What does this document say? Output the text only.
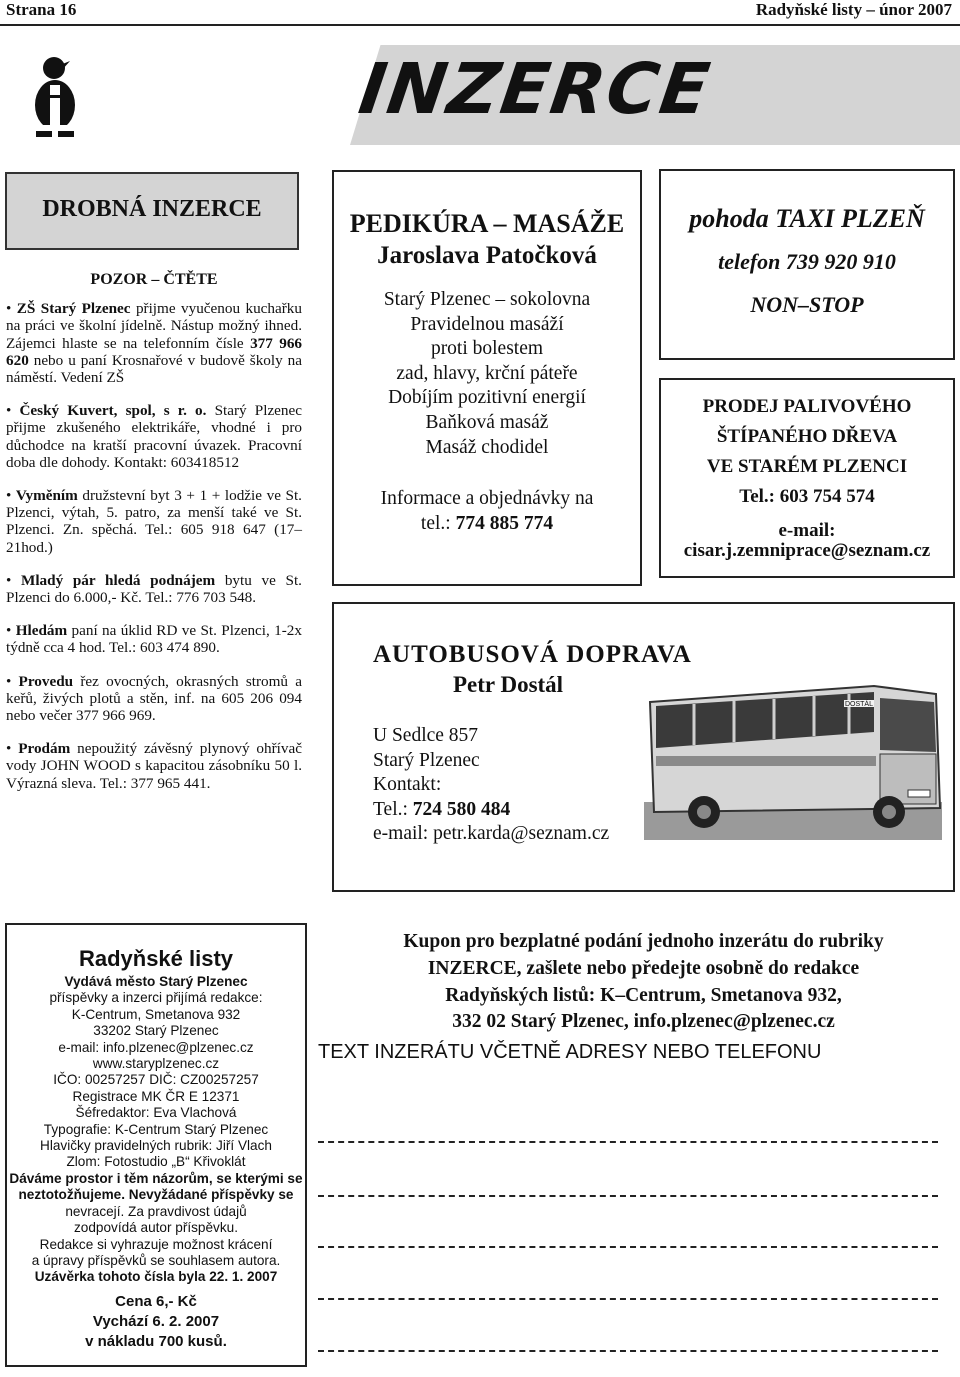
Strana 16	Radyňské listy – únor 2007
INZERCE
DROBNÁ INZERCE
POZOR – ČTĚTE

• ZŠ Starý Plzenec přijme vyučenou kuchařku na práci ve školní jídelně. Nástup možný ihned. Zájemci hlaste se na telefonním čísle 377 966 620 nebo u paní Krosnařové v budově školy na náměstí. Vedení ZŠ

• Český Kuvert, spol, s r. o. Starý Plzenec přijme zkušeného elektrikáře, vhodné i pro důchodce na kratší pracovní úvazek. Pracovní doba dle dohody. Kontakt: 603418512

• Vyměním družstevní byt 3 + 1 + lodžie ve St. Plzenci, výtah, 5. patro, za menší také ve St. Plzenci. Zn. spěchá. Tel.: 605 918 647 (17–21hod.)

• Mladý pár hledá podnájem bytu ve St. Plzenci do 6.000,- Kč. Tel.: 776 703 548.

• Hledám paní na úklid RD ve St. Plzenci, 1-2x týdně cca 4 hod. Tel.: 603 474 890.

• Provedu řez ovocných, okrasných stromů a keřů, živých plotů a stěn, inf. na 605 206 094 nebo večer 377 966 969.

• Prodám nepoužitý závěsný plynový ohřívač vody JOHN WOOD s kapacitou zásobníku 50 l. Výrazná sleva. Tel.: 377 965 441.

PEDIKÚRA – MASÁŽE
Jaroslava Patočková
Starý Plzenec – sokolovna
Pravidelnou masáží
proti bolestem
zad, hlavy, krční páteře
Dobíjím pozitivní energií
Baňková masáž
Masáž chodidel
Informace a objednávky na
tel.: 774 885 774
pohoda TAXI PLZEŇ
telefon 739 920 910
NON–STOP
PRODEJ PALIVOVÉHO
ŠTÍPANÉHO DŘEVA
VE STARÉM PLZENCI
Tel.: 603 754 574
e-mail:
cisar.j.zemniprace@seznam.cz
AUTOBUSOVÁ DOPRAVA
Petr Dostál
U Sedlce 857
Starý Plzenec
Kontakt:
Tel.: 724 580 484
e-mail: petr.karda@seznam.cz
DOSTÁL
Radyňské listy
Vydává město Starý Plzenec
příspěvky a inzerci přijímá redakce:
K-Centrum, Smetanova 932
33202 Starý Plzenec
e-mail: info.plzenec@plzenec.cz
www.staryplzenec.cz
IČO: 00257257 DIČ: CZ00257257
Registrace MK ČR E 12371
Šéfredaktor: Eva Vlachová
Typografie: K-Centrum Starý Plzenec
Hlavičky pravidelných rubrik: Jiří Vlach
Zlom: Fotostudio „B“ Křivoklát
Dáváme prostor i těm názorům, se kterými se
neztotožňujeme. Nevyžádané příspěvky se
nevracejí. Za pravdivost údajů
zodpovídá autor příspěvku.
Redakce si vyhrazuje možnost krácení
a úpravy příspěvků se souhlasem autora.
Uzávěrka tohoto čísla byla 22. 1. 2007
Cena 6,- Kč
Vychází 6. 2. 2007
v nákladu 700 kusů.
Kupon pro bezplatné podání jednoho inzerátu do rubriky
INZERCE, zašlete nebo předejte osobně do redakce
Radyňských listů: K–Centrum, Smetanova 932,
332 02 Starý Plzenec, info.plzenec@plzenec.cz
TEXT INZERÁTU VČETNĚ ADRESY NEBO TELEFONU
